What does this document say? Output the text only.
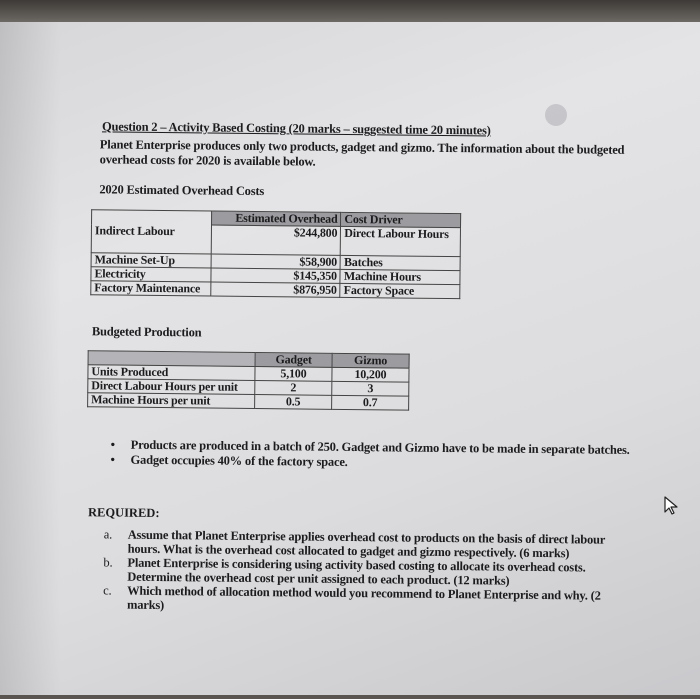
Question 2 – Activity Based Costing (20 marks – suggested time 20 minutes)
Planet Enterprise produces only two products, gadget and gizmo. The information about the budgeted overhead costs for 2020 is available below.
2020 Estimated Overhead Costs
	Estimated Overhead	Cost Driver
Indirect Labour	$244,800	Direct Labour Hours
Machine Set-Up	$58,900	Batches
Electricity	$145,350	Machine Hours
Factory Maintenance	$876,950	Factory Space
Budgeted Production
	Gadget	Gizmo
Units Produced	5,100	10,200
Direct Labour Hours per unit	2	3
Machine Hours per unit	0.5	0.7
• Products are produced in a batch of 250. Gadget and Gizmo have to be made in separate batches.
• Gadget occupies 40% of the factory space.
REQUIRED:
a. Assume that Planet Enterprise applies overhead cost to products on the basis of direct labour hours. What is the overhead cost allocated to gadget and gizmo respectively. (6 marks)
b. Planet Enterprise is considering using activity based costing to allocate its overhead costs. Determine the overhead cost per unit assigned to each product. (12 marks)
c. Which method of allocation method would you recommend to Planet Enterprise and why. (2 marks)
